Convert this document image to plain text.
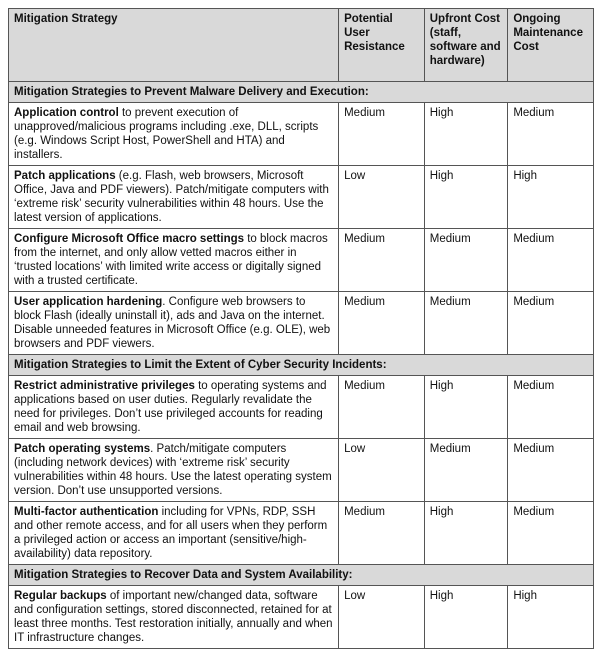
Mitigation Strategy	Potential User Resistance	Upfront Cost (staff, software and hardware)	Ongoing Maintenance Cost
Mitigation Strategies to Prevent Malware Delivery and Execution:			
Application control to prevent execution of unapproved/malicious programs including .exe, DLL, scripts (e.g. Windows Script Host, PowerShell and HTA) and installers.	Medium	High	Medium
Patch applications (e.g. Flash, web browsers, Microsoft Office, Java and PDF viewers). Patch/mitigate computers with ‘extreme risk’ security vulnerabilities within 48 hours. Use the latest version of applications.	Low	High	High
Configure Microsoft Office macro settings to block macros from the internet, and only allow vetted macros either in ‘trusted locations’ with limited write access or digitally signed with a trusted certificate.	Medium	Medium	Medium
User application hardening. Configure web browsers to block Flash (ideally uninstall it), ads and Java on the internet. Disable unneeded features in Microsoft Office (e.g. OLE), web browsers and PDF viewers.	Medium	Medium	Medium
Mitigation Strategies to Limit the Extent of Cyber Security Incidents:			
Restrict administrative privileges to operating systems and applications based on user duties. Regularly revalidate the need for privileges. Don’t use privileged accounts for reading email and web browsing.	Medium	High	Medium
Patch operating systems. Patch/mitigate computers (including network devices) with ‘extreme risk’ security vulnerabilities within 48 hours. Use the latest operating system version. Don’t use unsupported versions.	Low	Medium	Medium
Multi-factor authentication including for VPNs, RDP, SSH and other remote access, and for all users when they perform a privileged action or access an important (sensitive/high-availability) data repository.	Medium	High	Medium
Mitigation Strategies to Recover Data and System Availability:			
Regular backups of important new/changed data, software and configuration settings, stored disconnected, retained for at least three months. Test restoration initially, annually and when IT infrastructure changes.	Low	High	High
